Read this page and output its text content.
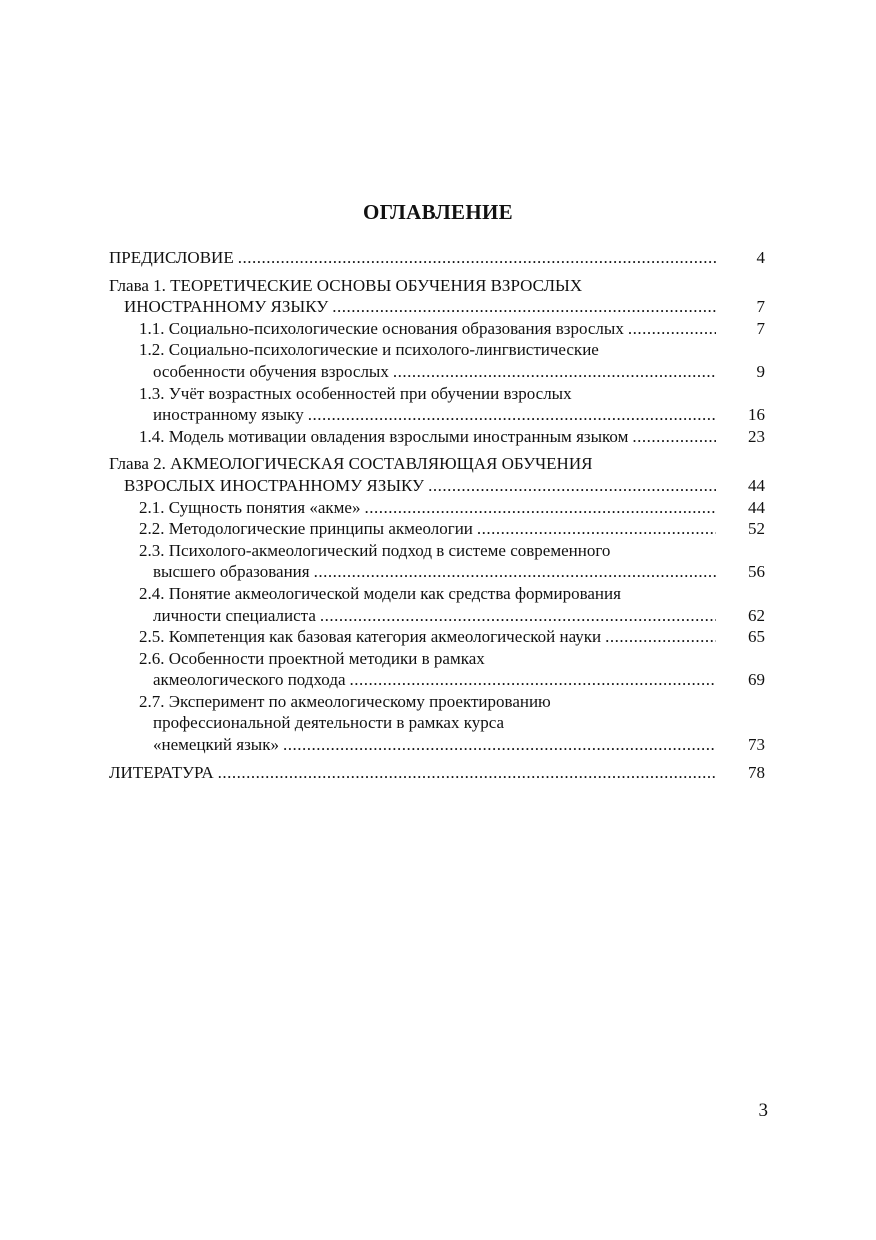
ОГЛАВЛЕНИЕ
ПРЕДИСЛОВИЕ .....	4
Глава 1. ТЕОРЕТИЧЕСКИЕ ОСНОВЫ ОБУЧЕНИЯ ВЗРОСЛЫХ
ИНОСТРАННОМУ ЯЗЫКУ .....	7
1.1. Социально-психологические основания образования взрослых .....	7
1.2. Социально-психологические и психолого-лингвистические
особенности обучения взрослых .....	9
1.3. Учёт возрастных особенностей при обучении взрослых
иностранному языку .....	16
1.4. Модель мотивации овладения взрослыми иностранным языком .....	23
Глава 2. АКМЕОЛОГИЧЕСКАЯ СОСТАВЛЯЮЩАЯ ОБУЧЕНИЯ
ВЗРОСЛЫХ ИНОСТРАННОМУ ЯЗЫКУ .....	44
2.1. Сущность понятия «акме» .....	44
2.2. Методологические принципы акмеологии .....	52
2.3. Психолого-акмеологический подход в системе современного
высшего образования .....	56
2.4. Понятие акмеологической модели как средства формирования
личности специалиста .....	62
2.5. Компетенция как базовая категория акмеологической науки .....	65
2.6. Особенности проектной методики в рамках
акмеологического подхода .....	69
2.7. Эксперимент по акмеологическому проектированию
профессиональной деятельности в рамках курса
«немецкий язык» .....	73
ЛИТЕРАТУРА .....	78
3
